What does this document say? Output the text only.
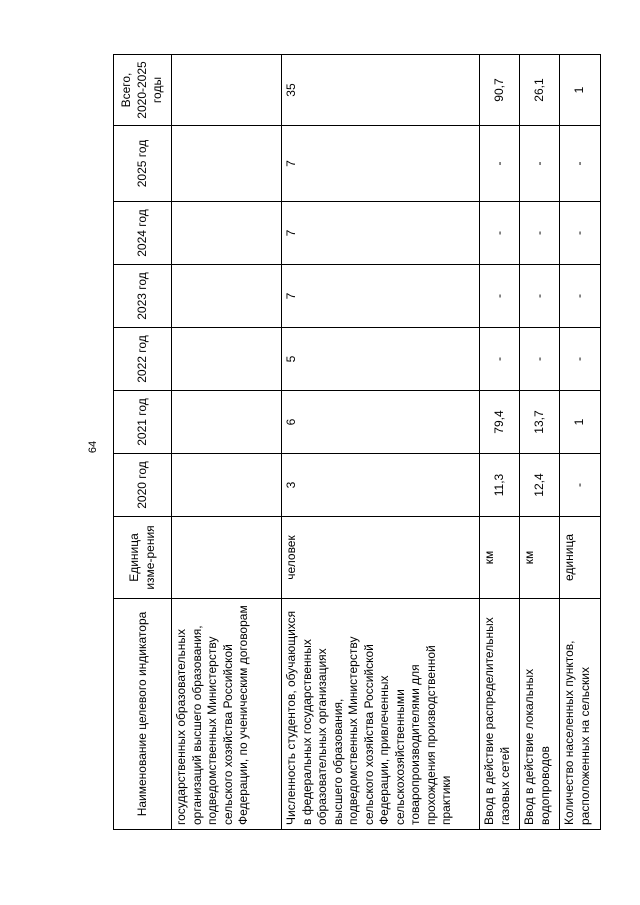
64
Наименование целевого индикатора	Единица изме-рения	2020 год	2021 год	2022 год	2023 год	2024 год	2025 год	Всего, 2020-2025 годы
государственных образовательных организаций высшего образования, подведомственных Министерству сельского хозяйства Российской Федерации, по ученическим договорам								
Численность студентов, обучающихся в федеральных государственных образовательных организациях высшего образования, подведомственных Министерству сельского хозяйства Российской Федерации, привлеченных сельскохозяйственными товаропроизводителями для прохождения производственной практики	человек	3	6	5	7	7	7	35
Ввод в действие распределительных газовых сетей	км	11,3	79,4	-	-	-	-	90,7
Ввод в действие локальных водопроводов	км	12,4	13,7	-	-	-	-	26,1
Количество населенных пунктов, расположенных на сельских	единица	-	1	-	-	-	-	1
